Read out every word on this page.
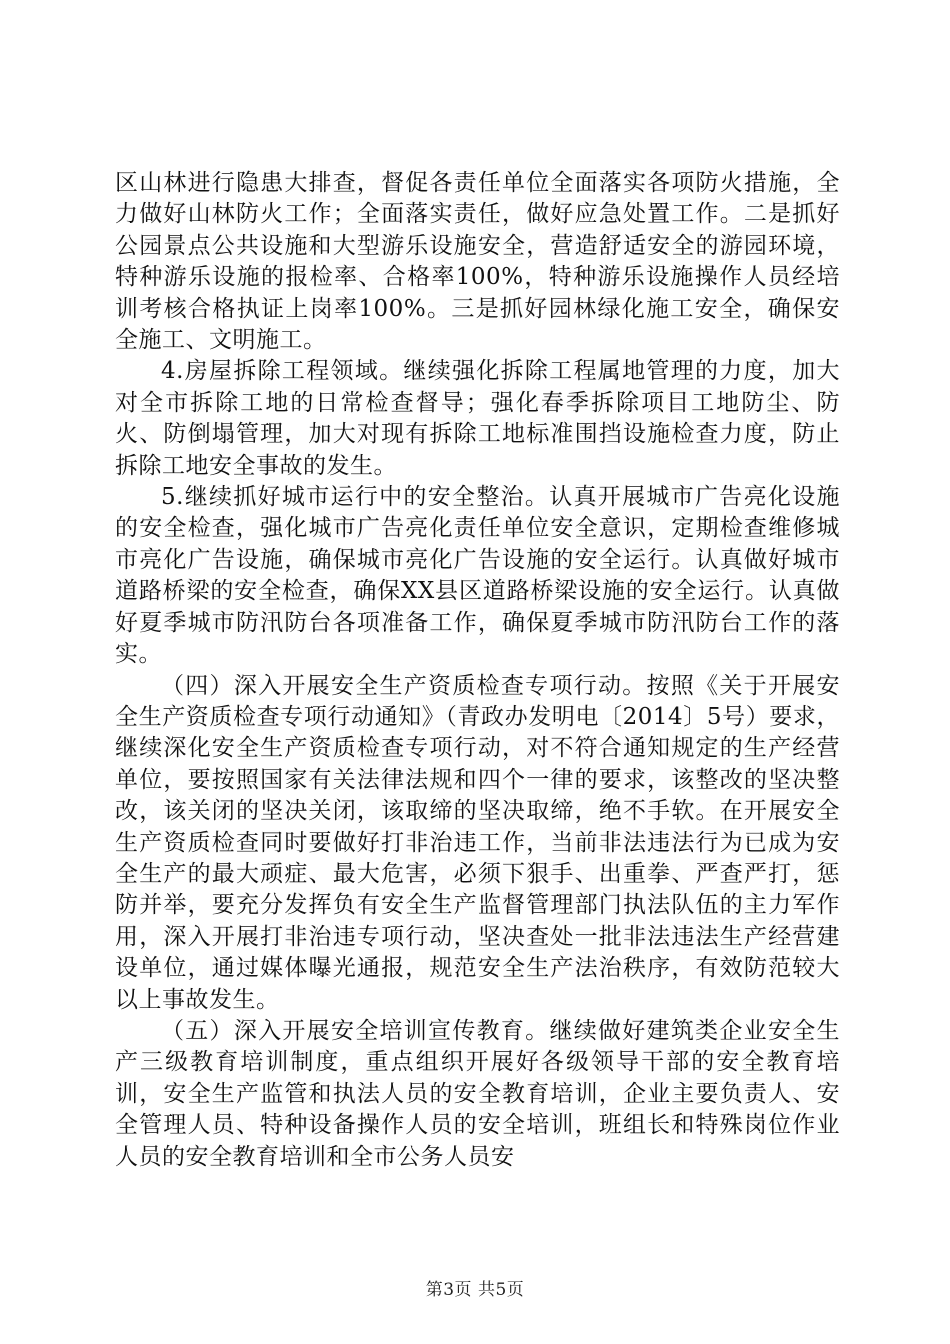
区山林进行隐患大排查，督促各责任单位全面落实各项防火措施，全力做好山林防火工作；全面落实责任，做好应急处置工作。二是抓好公园景点公共设施和大型游乐设施安全，营造舒适安全的游园环境，特种游乐设施的报检率、合格率100%，特种游乐设施操作人员经培训考核合格执证上岗率100%。三是抓好园林绿化施工安全，确保安全施工、文明施工。

4.房屋拆除工程领域。继续强化拆除工程属地管理的力度，加大对全市拆除工地的日常检查督导；强化春季拆除项目工地防尘、防火、防倒塌管理，加大对现有拆除工地标准围挡设施检查力度，防止拆除工地安全事故的发生。

5.继续抓好城市运行中的安全整治。认真开展城市广告亮化设施的安全检查，强化城市广告亮化责任单位安全意识，定期检查维修城市亮化广告设施，确保城市亮化广告设施的安全运行。认真做好城市道路桥梁的安全检查，确保XX县区道路桥梁设施的安全运行。认真做好夏季城市防汛防台各项准备工作，确保夏季城市防汛防台工作的落实。

（四）深入开展安全生产资质检查专项行动。按照《关于开展安全生产资质检查专项行动通知》（青政办发明电〔2014〕5号）要求，继续深化安全生产资质检查专项行动，对不符合通知规定的生产经营单位，要按照国家有关法律法规和四个一律的要求，该整改的坚决整改，该关闭的坚决关闭，该取缔的坚决取缔，绝不手软。在开展安全生产资质检查同时要做好打非治违工作，当前非法违法行为已成为安全生产的最大顽症、最大危害，必须下狠手、出重拳、严查严打，惩防并举，要充分发挥负有安全生产监督管理部门执法队伍的主力军作用，深入开展打非治违专项行动，坚决查处一批非法违法生产经营建设单位，通过媒体曝光通报，规范安全生产法治秩序，有效防范较大以上事故发生。

（五）深入开展安全培训宣传教育。继续做好建筑类企业安全生产三级教育培训制度，重点组织开展好各级领导干部的安全教育培训，安全生产监管和执法人员的安全教育培训，企业主要负责人、安全管理人员、特种设备操作人员的安全培训，班组长和特殊岗位作业人员的安全教育培训和全市公务人员安

第3页 共5页
